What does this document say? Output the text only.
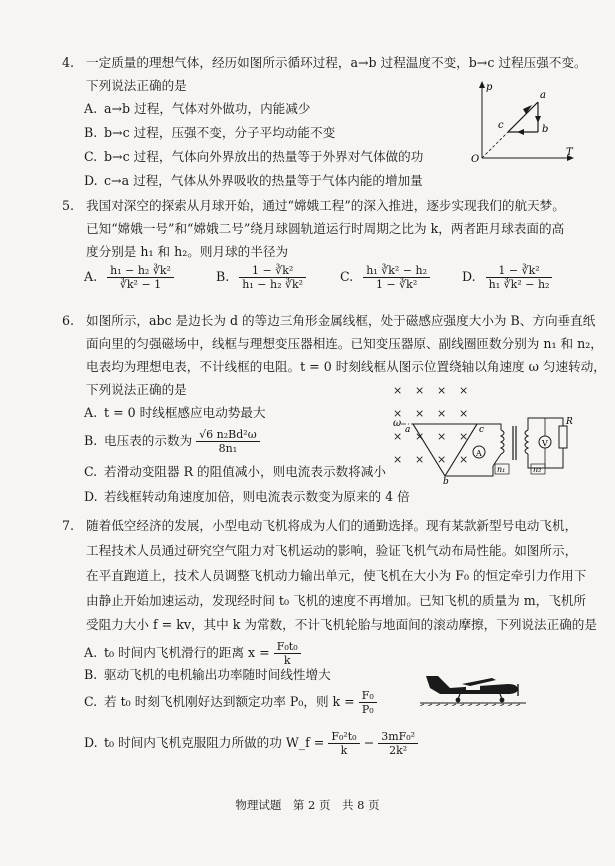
4. 一定质量的理想气体，经历如图所示循环过程，a→b 过程温度不变，b→c 过程压强不变。
下列说法正确的是
A. a→b 过程，气体对外做功，内能减少
B. b→c 过程，压强不变，分子平均动能不变
C. b→c 过程，气体向外界放出的热量等于外界对气体做的功
D. c→a 过程，气体从外界吸收的热量等于气体内能的增加量
p
T
O
a
b
c
5. 我国对深空的探索从月球开始，通过“嫦娥工程”的深入推进，逐步实现我们的航天梦。
已知“嫦娥一号”和“嫦娥二号”绕月球圆轨道运行时周期之比为 k，两者距月球表面的高
度分别是 h₁ 和 h₂。则月球的半径为
A. $\frac{\text{h₁ − h₂ ∛k²}}{\text{∛k² − 1}}$	B. $\frac{\text{1 − ∛k²}}{\text{h₁ − h₂ ∛k²}}$	C. $\frac{\text{h₁ ∛k² − h₂}}{\text{1 − ∛k²}}$	D. $\frac{\text{1 − ∛k²}}{\text{h₁ ∛k² − h₂}}$
6. 如图所示，abc 是边长为 d 的等边三角形金属线框，处于磁感应强度大小为 B、方向垂直纸
面向里的匀强磁场中，线框与理想变压器相连。已知变压器原、副线圈匝数分别为 n₁ 和 n₂，
电表均为理想电表，不计线框的电阻。t = 0 时刻线框从图示位置绕轴以角速度 ω 匀速转动，
下列说法正确的是
A. t = 0 时线框感应电动势最大
B. 电压表的示数为 $\frac{\text{√6 n₂Bd²ω}}{\text{8n₁}}$
C. 若滑动变阻器 R 的阻值减小，则电流表示数将减小
D. 若线框转动角速度加倍，则电流表示数变为原来的 4 倍
× × × ×
× × × ×
× × × ×
× × × ×
ω
a	c
b
A
n₁	n₂
V
R
7. 随着低空经济的发展，小型电动飞机将成为人们的通勤选择。现有某款新型号电动飞机，
工程技术人员通过研究空气阻力对飞机运动的影响，验证飞机气动布局性能。如图所示，
在平直跑道上，技术人员调整飞机动力输出单元，使飞机在大小为 F₀ 的恒定牵引力作用下
由静止开始加速运动，发现经时间 t₀ 飞机的速度不再增加。已知飞机的质量为 m，飞机所
受阻力大小 f = kv，其中 k 为常数，不计飞机轮胎与地面间的滚动摩擦，下列说法正确的是
A. t₀ 时间内飞机滑行的距离 $x = \frac{\text{F₀t₀}}{k}$
B. 驱动飞机的电机输出功率随时间线性增大
C. 若 t₀ 时刻飞机刚好达到额定功率 P₀，则 $k = \frac{\text{F₀}}{\text{P₀}}$
D. t₀ 时间内飞机克服阻力所做的功 W_f = $\frac{\text{F₀²t₀}}{k} - \frac{\text{3mF₀²}}{\text{2k²}}$
物理试题　第 2 页　共 8 页
